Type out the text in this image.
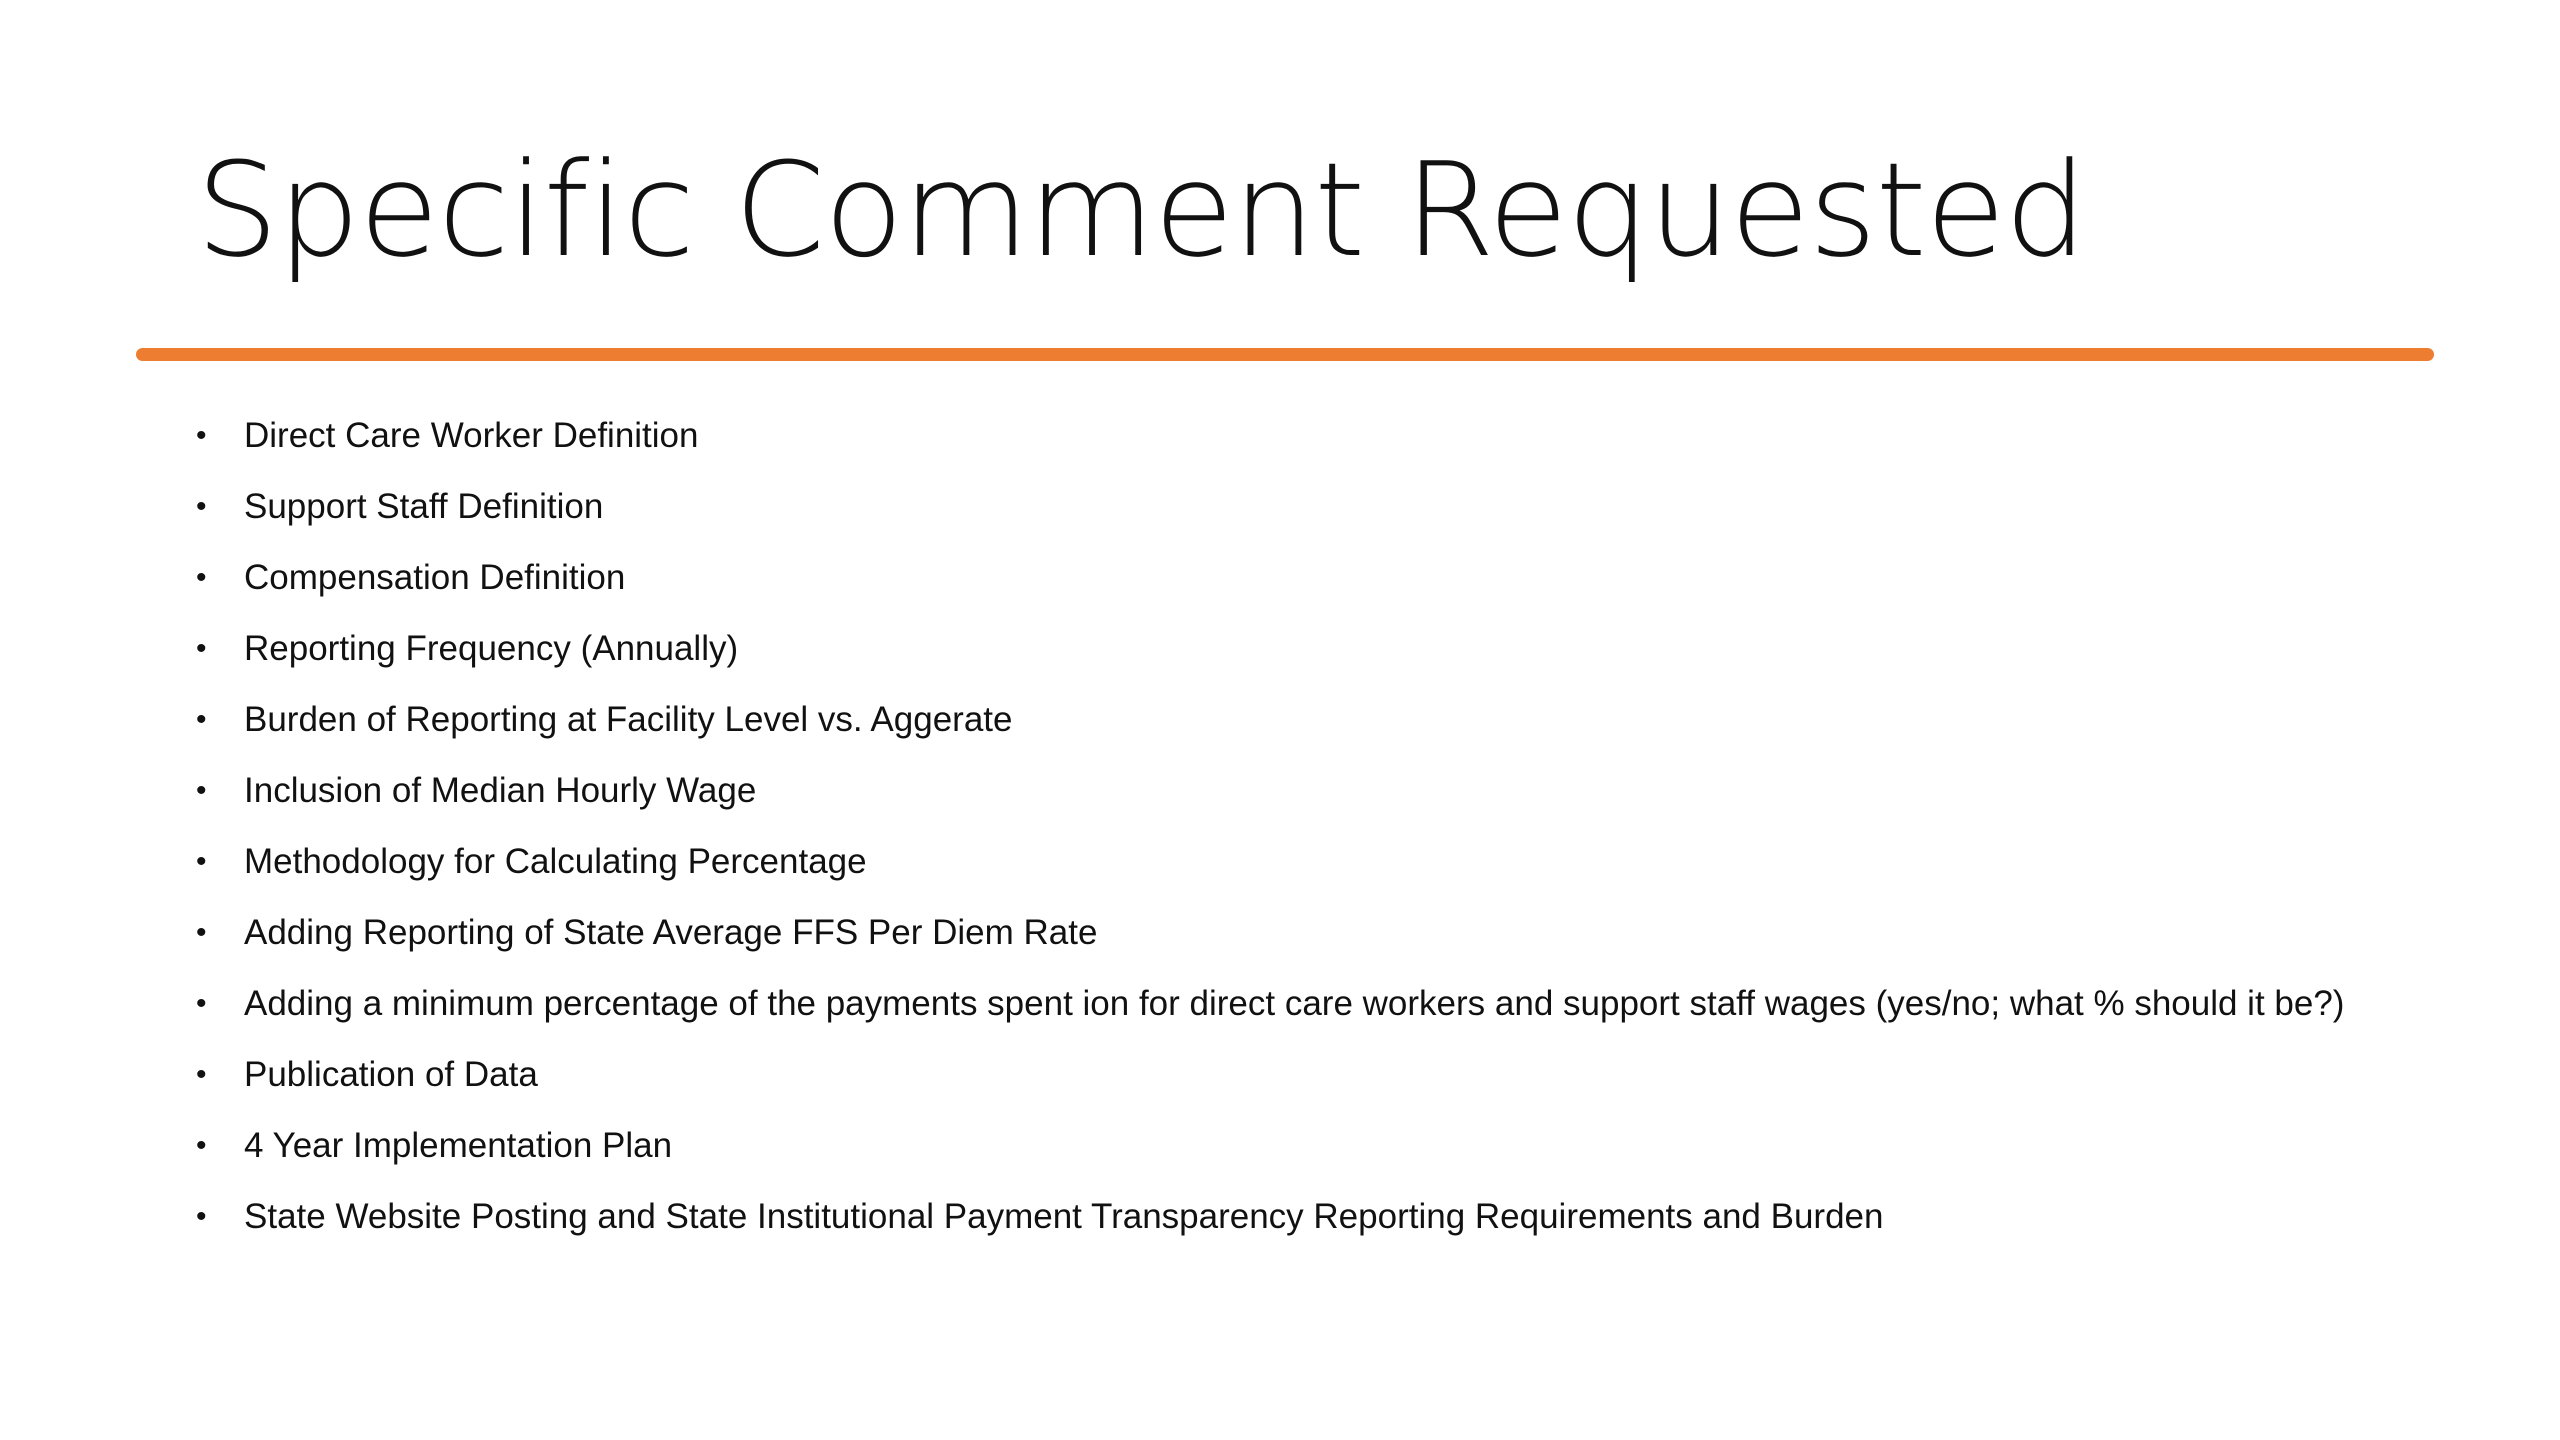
Specific Comment Requested
• Direct Care Worker Definition
• Support Staff Definition
• Compensation Definition
• Reporting Frequency (Annually)
• Burden of Reporting at Facility Level vs. Aggerate
• Inclusion of Median Hourly Wage
• Methodology for Calculating Percentage
• Adding Reporting of State Average FFS Per Diem Rate
• Adding a minimum percentage of the payments spent ion for direct care workers and support staff wages (yes/no; what % should it be?)
• Publication of Data
• 4 Year Implementation Plan
• State Website Posting and State Institutional Payment Transparency Reporting Requirements and Burden
